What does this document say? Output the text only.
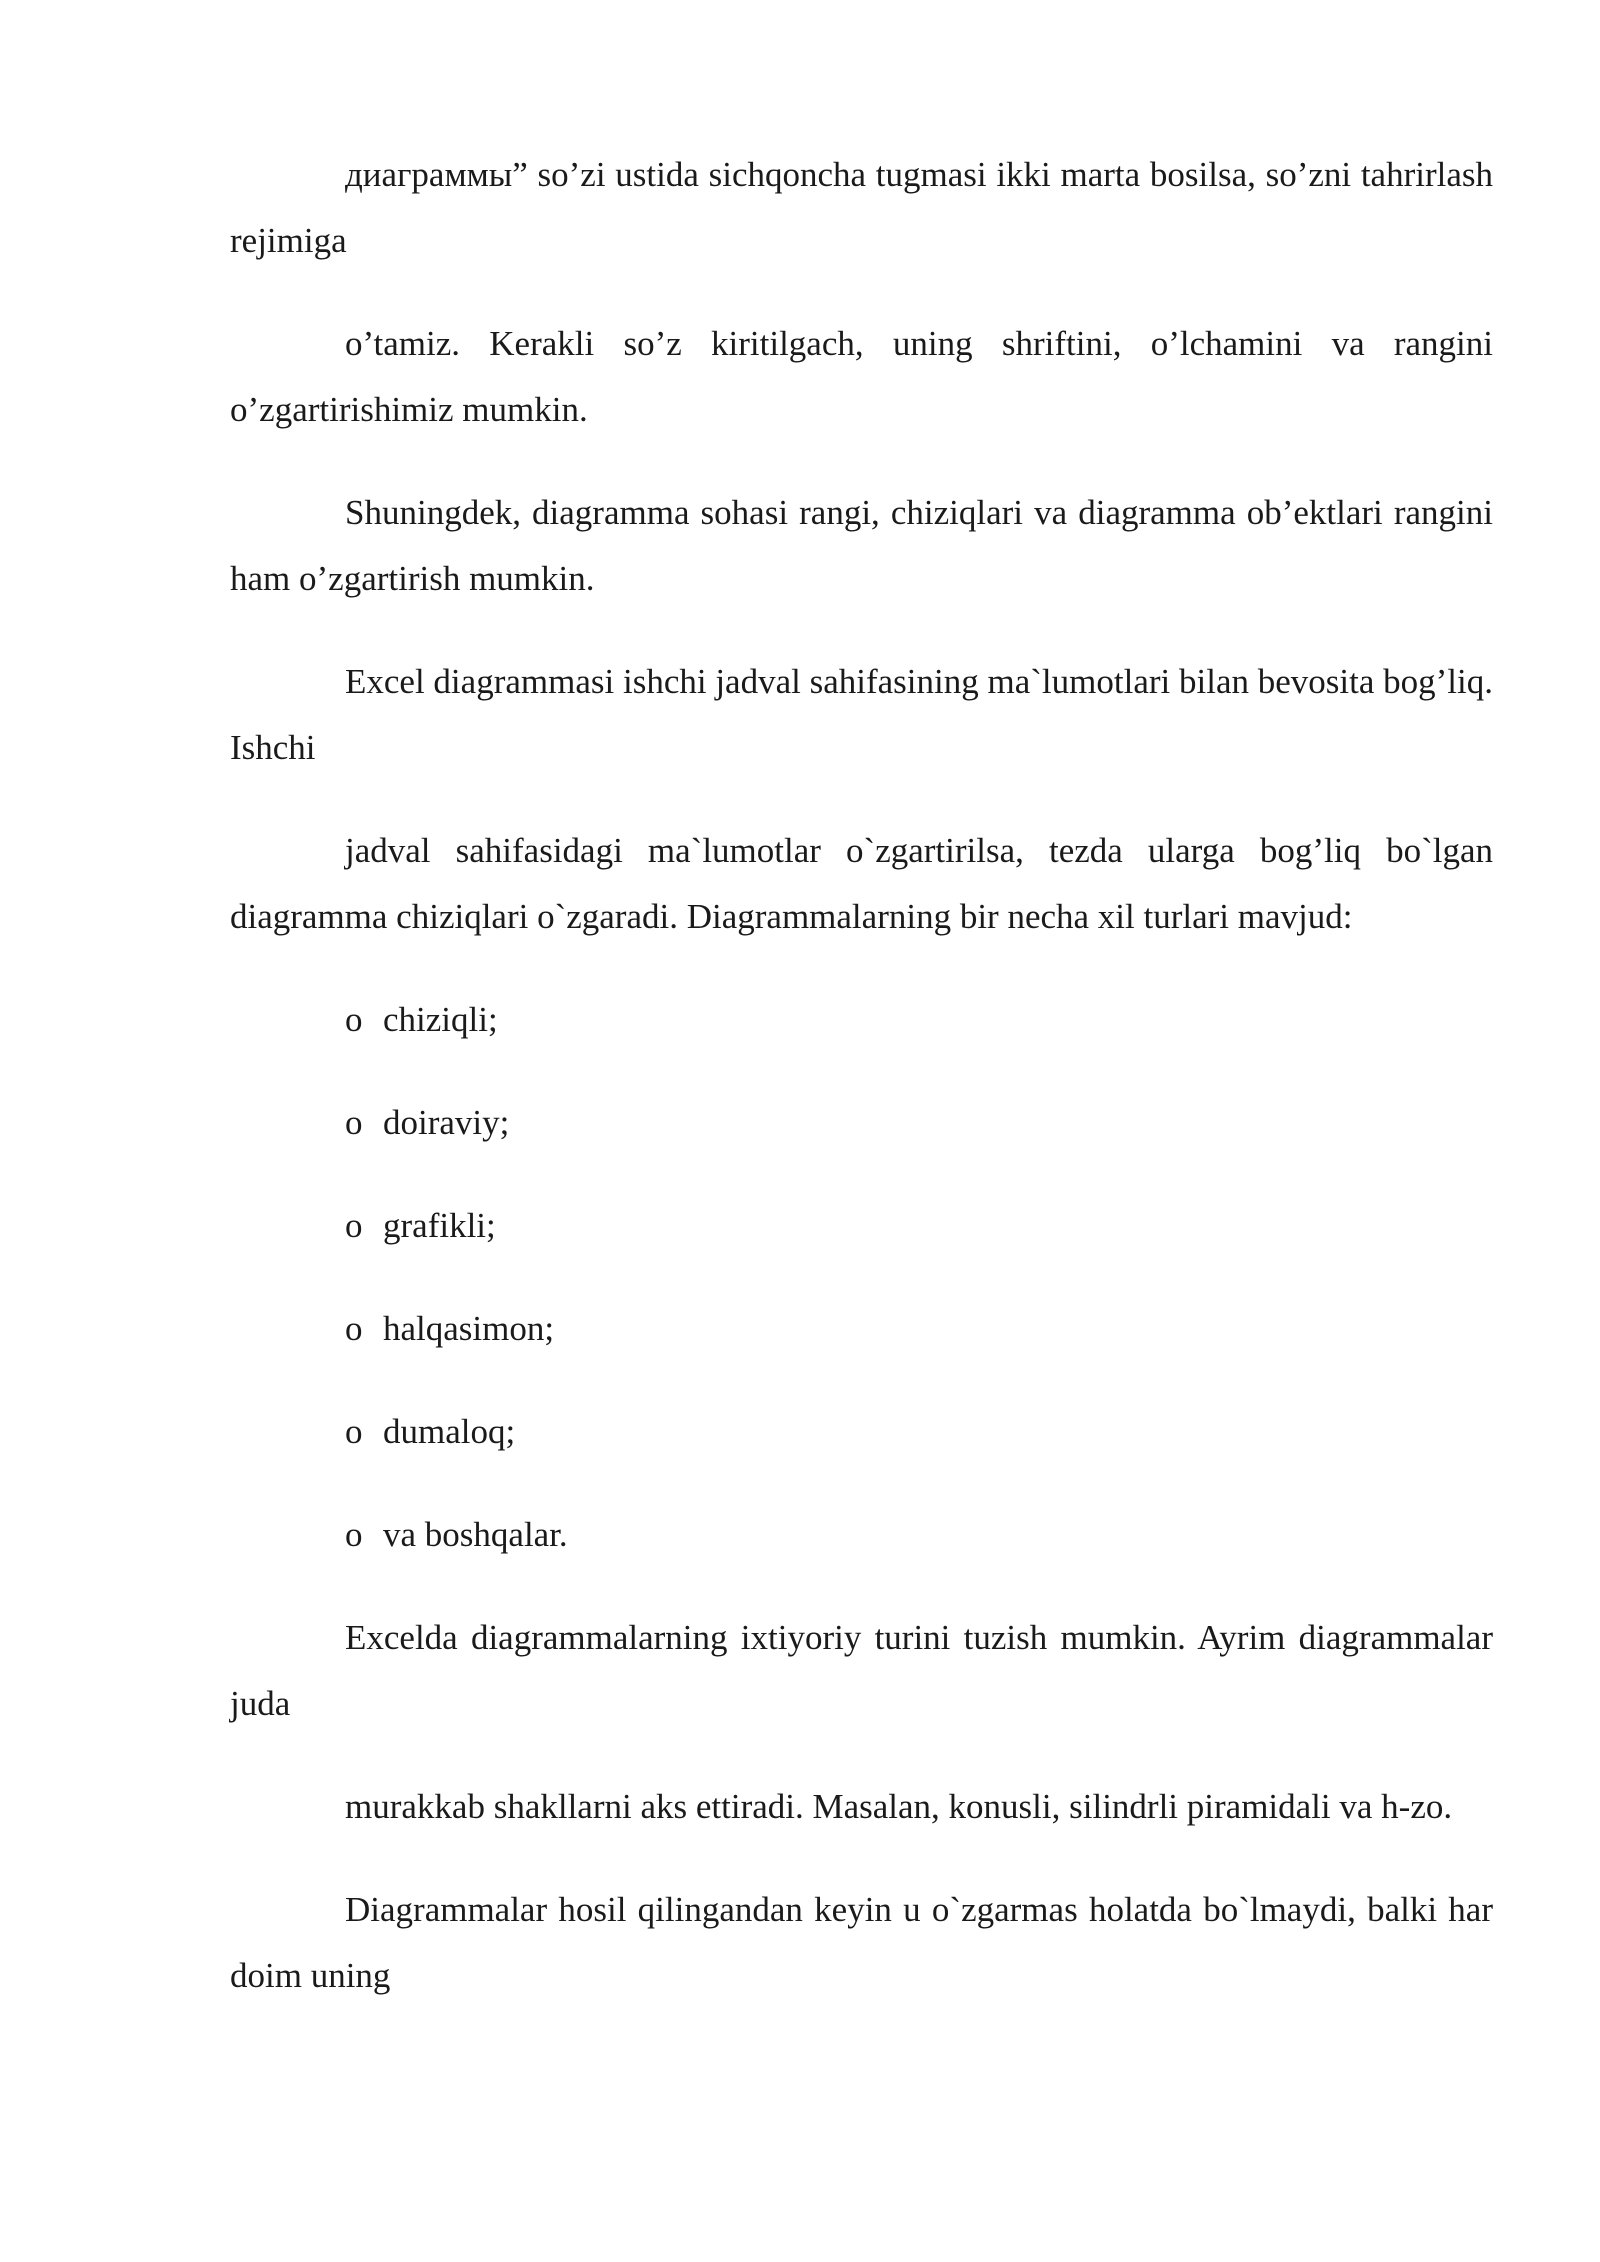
диаграммы” so’zi ustida sichqoncha tugmasi ikki marta bosilsa, so’zni tahrirlash rejimiga

o’tamiz. Kerakli so’z kiritilgach, uning shriftini, o’lchamini va rangini o’zgartirishimiz mumkin.

Shuningdek, diagramma sohasi rangi, chiziqlari va diagramma ob’ektlari rangini ham o’zgartirish mumkin.

Excel diagrammasi ishchi jadval sahifasining ma`lumotlari bilan bevosita bog’liq. Ishchi

jadval sahifasidagi ma`lumotlar o`zgartirilsa, tezda ularga bog’liq bo`lgan diagramma chiziqlari o`zgaradi. Diagrammalarning bir necha xil turlari mavjud:

o chiziqli;
o doiraviy;
o grafikli;
o halqasimon;
o dumaloq;
o va boshqalar.

Excelda diagrammalarning ixtiyoriy turini tuzish mumkin. Ayrim diagrammalar juda

murakkab shakllarni aks ettiradi. Masalan, konusli, silindrli piramidali va h-zo.

Diagrammalar hosil qilingandan keyin u o`zgarmas holatda bo`lmaydi, balki har doim uning
